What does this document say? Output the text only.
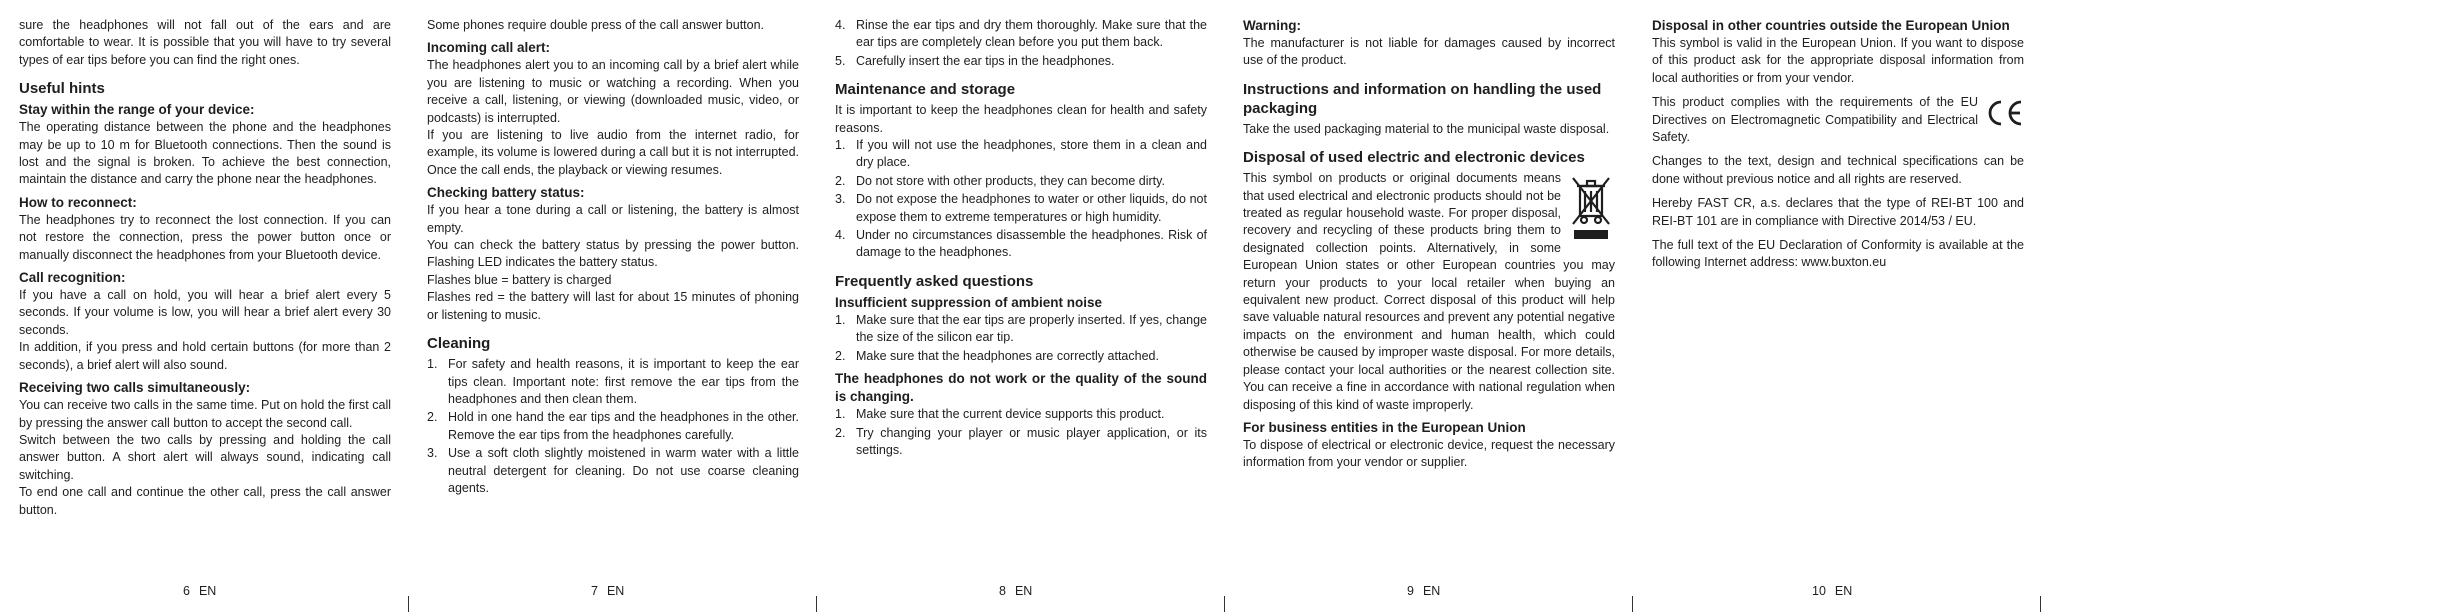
sure the headphones will not fall out of the ears and are comfortable to wear. It is possible that you will have to try several types of ear tips before you can find the right ones.

Useful hints
Stay within the range of your device:

The operating distance between the phone and the headphones may be up to 10 m for Bluetooth connections. Then the sound is lost and the signal is broken. To achieve the best connection, maintain the distance and carry the phone near the headphones.

How to reconnect:

The headphones try to reconnect the lost connection. If you can not restore the connection, press the power button once or manually disconnect the headphones from your Bluetooth device.

Call recognition:

If you have a call on hold, you will hear a brief alert every 5 seconds. If your volume is low, you will hear a brief alert every 30 seconds.

In addition, if you press and hold certain buttons (for more than 2 seconds), a brief alert will also sound.

Receiving two calls simultaneously:

You can receive two calls in the same time. Put on hold the first call by pressing the answer call button to accept the second call.

Switch between the two calls by pressing and holding the call answer button. A short alert will always sound, indicating call switching.

To end one call and continue the other call, press the call answer button.

6 EN

Some phones require double press of the call answer button.

Incoming call alert:

The headphones alert you to an incoming call by a brief alert while you are listening to music or watching a recording. When you receive a call, listening, or viewing (downloaded music, video, or podcasts) is interrupted.

If you are listening to live audio from the internet radio, for example, its volume is lowered during a call but it is not interrupted. Once the call ends, the playback or viewing resumes.

Checking battery status:

If you hear a tone during a call or listening, the battery is almost empty.

You can check the battery status by pressing the power button. Flashing LED indicates the battery status.

Flashes blue = battery is charged

Flashes red = the battery will last for about 15 minutes of phoning or listening to music.

Cleaning
1. For safety and health reasons, it is important to keep the ear tips clean. Important note: first remove the ear tips from the headphones and then clean them.
2. Hold in one hand the ear tips and the headphones in the other. Remove the ear tips from the headphones carefully.
3. Use a soft cloth slightly moistened in warm water with a little neutral detergent for cleaning. Do not use coarse cleaning agents.
7 EN
4. Rinse the ear tips and dry them thoroughly. Make sure that the ear tips are completely clean before you put them back.
5. Carefully insert the ear tips in the headphones.
Maintenance and storage

It is important to keep the headphones clean for health and safety reasons.

1. If you will not use the headphones, store them in a clean and dry place.
2. Do not store with other products, they can become dirty.
3. Do not expose the headphones to water or other liquids, do not expose them to extreme temperatures or high humidity.
4. Under no circumstances disassemble the headphones. Risk of damage to the headphones.
Frequently asked questions
Insufficient suppression of ambient noise
1. Make sure that the ear tips are properly inserted. If yes, change the size of the silicon ear tip.
2. Make sure that the headphones are correctly attached.
The headphones do not work or the quality of the sound is changing.
1. Make sure that the current device supports this product.
2. Try changing your player or music player application, or its settings.
8 EN
Warning:

The manufacturer is not liable for damages caused by incorrect use of the product.

Instructions and information on handling the used packaging

Take the used packaging material to the municipal waste disposal.

Disposal of used electric and electronic devices

This symbol on products or original documents means that used electrical and electronic products should not be treated as regular household waste. For proper disposal, recovery and recycling of these products bring them to designated collection points. Alternatively, in some European Union states or other European countries you may return your products to your local retailer when buying an equivalent new product. Correct disposal of this product will help save valuable natural resources and prevent any potential negative impacts on the environment and human health, which could otherwise be caused by improper waste disposal. For more details, please contact your local authorities or the nearest collection site. You can receive a fine in accordance with national regulation when disposing of this kind of waste improperly.

For business entities in the European Union

To dispose of electrical or electronic device, request the necessary information from your vendor or supplier.

9 EN
Disposal in other countries outside the European Union

This symbol is valid in the European Union. If you want to dispose of this product ask for the appropriate disposal information from local authorities or from your vendor.

This product complies with the requirements of the EU Directives on Electromagnetic Compatibility and Electrical Safety.

Changes to the text, design and technical specifications can be done without previous notice and all rights are reserved.

Hereby FAST CR, a.s. declares that the type of REI-BT 100 and REI-BT 101 are in compliance with Directive 2014/53 / EU.

The full text of the EU Declaration of Conformity is available at the following Internet address: www.buxton.eu

10 EN
